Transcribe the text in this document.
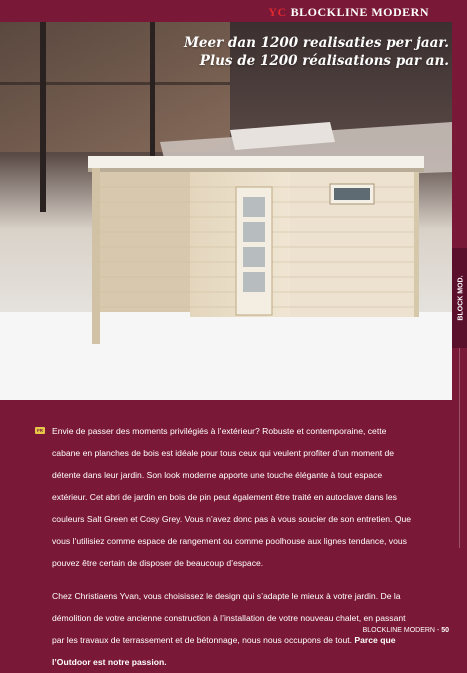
YC BLOCKLINE MODERN
Meer dan 1200 realisaties per jaar.
Plus de 1200 réalisations par an.
BLOCK MOD.
FR Envie de passer des moments privilégiés à l’extérieur? Robuste et contemporaine, cette cabane en planches de bois est idéale pour tous ceux qui veulent profiter d’un moment de détente dans leur jardin. Son look moderne apporte une touche élégante à tout espace extérieur. Cet abri de jardin en bois de pin peut également être traité en autoclave dans les couleurs Salt Green et Cosy Grey. Vous n’avez donc pas à vous soucier de son entretien. Que vous l’utilisiez comme espace de rangement ou comme poolhouse aux lignes tendance, vous pouvez être certain de disposer de beaucoup d’espace.

Chez Christiaens Yvan, vous choisissez le design qui s’adapte le mieux à votre jardin. De la démolition de votre ancienne construction à l’installation de votre nouveau chalet, en passant par les travaux de terrassement et de bétonnage, nous nous occupons de tout. Parce que l’Outdoor est notre passion.

BLOCKLINE MODERN - 50
